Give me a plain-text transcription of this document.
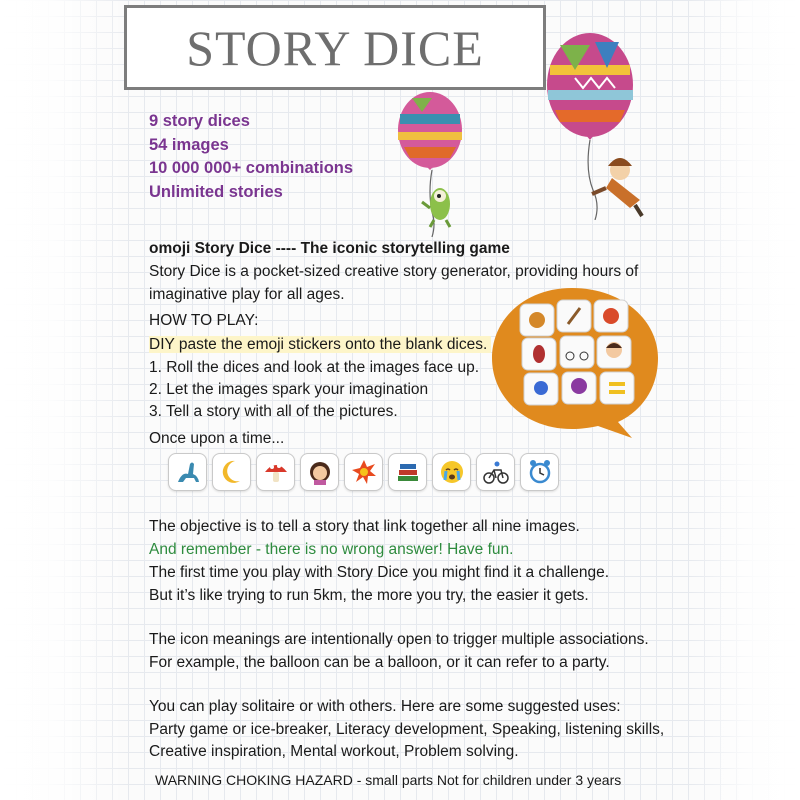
STORY DICE
9 story dices
54 images
10 000 000+ combinations
Unlimited stories
omoji Story Dice ---- The iconic storytelling game
Story Dice is a pocket-sized creative story generator, providing hours of
imaginative play for all ages.
HOW TO PLAY:
DIY paste the emoji stickers onto the blank dices.
1. Roll the dices and look at the images face up.
2. Let the images spark your imagination
3. Tell a story with all of the pictures.
Once upon a time...
The objective is to tell a story that link together all nine images.
And remember - there is no wrong answer! Have fun.
The first time you play with Story Dice you might find it a challenge.
But it’s like trying to run 5km, the more you try, the easier it gets.
The icon meanings are intentionally open to trigger multiple associations.
For example, the balloon can be a balloon, or it can refer to a party.
You can play solitaire or with others. Here are some suggested uses:
Party game or ice-breaker, Literacy development, Speaking, listening skills,
Creative inspiration, Mental workout, Problem solving.
WARNING CHOKING HAZARD - small parts Not for children under 3 years
